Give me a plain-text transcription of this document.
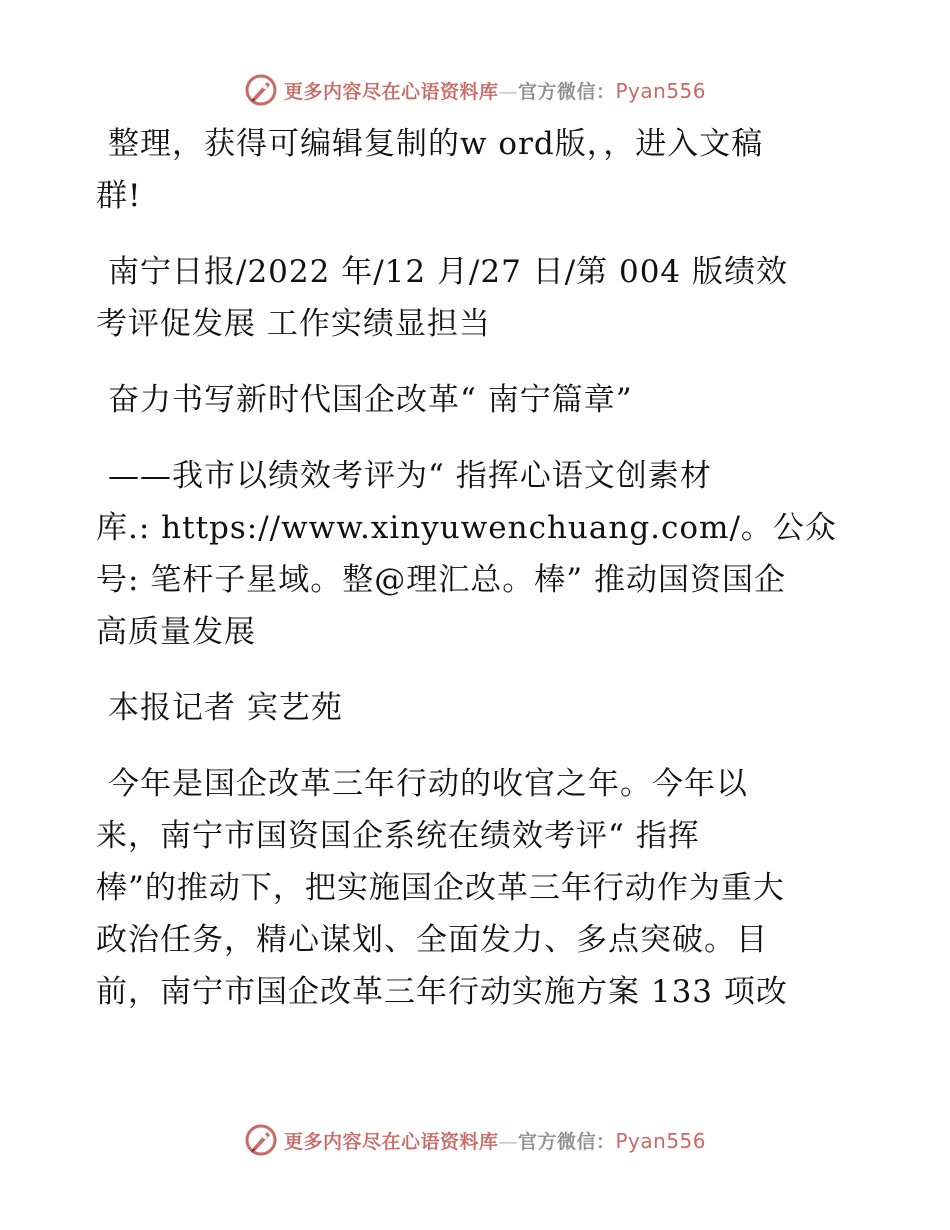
更多内容尽在心语资料库—官方微信：Pyan556

整理，获得可编辑复制的w ord版，，进入文稿
群!

南宁日报/2022 年/12 月/27 日/第 004 版绩效
考评促发展 工作实绩显担当

奋力书写新时代国企改革“ 南宁篇章”

——我市以绩效考评为“ 指挥心语文创素材
库.: https://www.xinyuwenchuang.com/。公众
号: 笔杆子星域。整@理汇总。棒” 推动国资国企
高质量发展

本报记者 宾艺苑

今年是国企改革三年行动的收官之年。今年以
来，南宁市国资国企系统在绩效考评“ 指挥
棒”的推动下，把实施国企改革三年行动作为重大
政治任务，精心谋划、全面发力、多点突破。目
前，南宁市国企改革三年行动实施方案 133 项改

更多内容尽在心语资料库—官方微信：Pyan556
